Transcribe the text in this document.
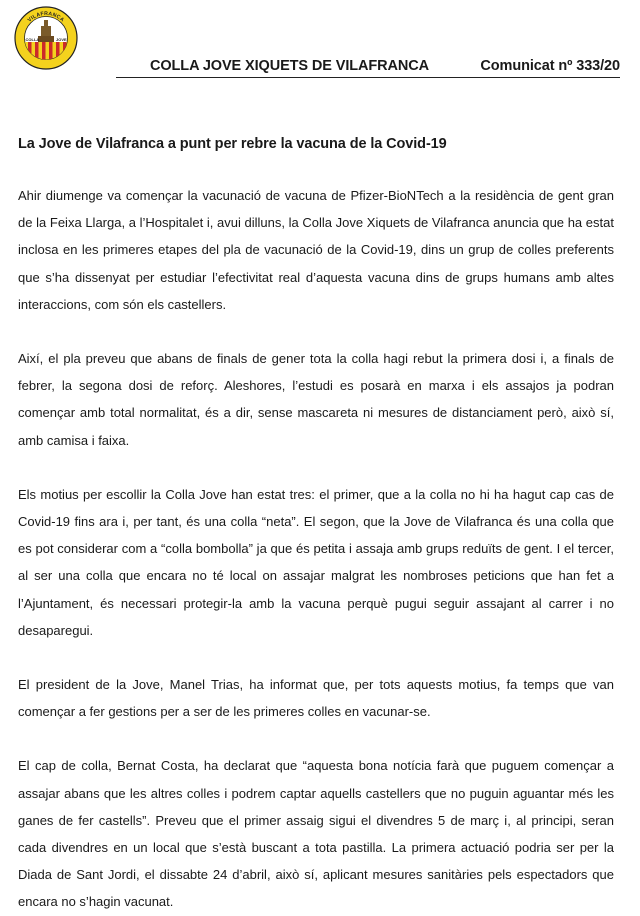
VILAFRANCA
COLLA	JOVE
COLLA JOVE XIQUETS DE VILAFRANCA	Comunicat nº 333/20
La Jove de Vilafranca a punt per rebre la vacuna de la Covid-19

Ahir diumenge va començar la vacunació de vacuna de Pfizer-BioNTech a la residència de gent gran de la Feixa Llarga, a l’Hospitalet i, avui dilluns, la Colla Jove Xiquets de Vilafranca anuncia que ha estat inclosa en les primeres etapes del pla de vacunació de la Covid-19, dins un grup de colles preferents que s’ha dissenyat per estudiar l’efectivitat real d’aquesta vacuna dins de grups humans amb altes interaccions, com són els castellers.

Així, el pla preveu que abans de finals de gener tota la colla hagi rebut la primera dosi i, a finals de febrer, la segona dosi de reforç. Aleshores, l’estudi es posarà en marxa i els assajos ja podran començar amb total normalitat, és a dir, sense mascareta ni mesures de distanciament però, això sí, amb camisa i faixa.

Els motius per escollir la Colla Jove han estat tres: el primer, que a la colla no hi ha hagut cap cas de Covid-19 fins ara i, per tant, és una colla “neta”. El segon, que la Jove de Vilafranca és una colla que es pot considerar com a “colla bombolla” ja que és petita i assaja amb grups reduïts de gent. I el tercer, al ser una colla que encara no té local on assajar malgrat les nombroses peticions que han fet a l’Ajuntament, és necessari protegir-la amb la vacuna perquè pugui seguir assajant al carrer i no desaparegui.

El president de la Jove, Manel Trias, ha informat que, per tots aquests motius, fa temps que van començar a fer gestions per a ser de les primeres colles en vacunar-se.

El cap de colla, Bernat Costa, ha declarat que “aquesta bona notícia farà que puguem començar a assajar abans que les altres colles i podrem captar aquells castellers que no puguin aguantar més les ganes de fer castells”. Preveu que el primer assaig sigui el divendres 5 de març i, al principi, seran cada divendres en un local que s’està buscant a tota pastilla. La primera actuació podria ser per la Diada de Sant Jordi, el dissabte 24 d’abril, això sí, aplicant mesures sanitàries pels espectadors que encara no s’hagin vacunat.
